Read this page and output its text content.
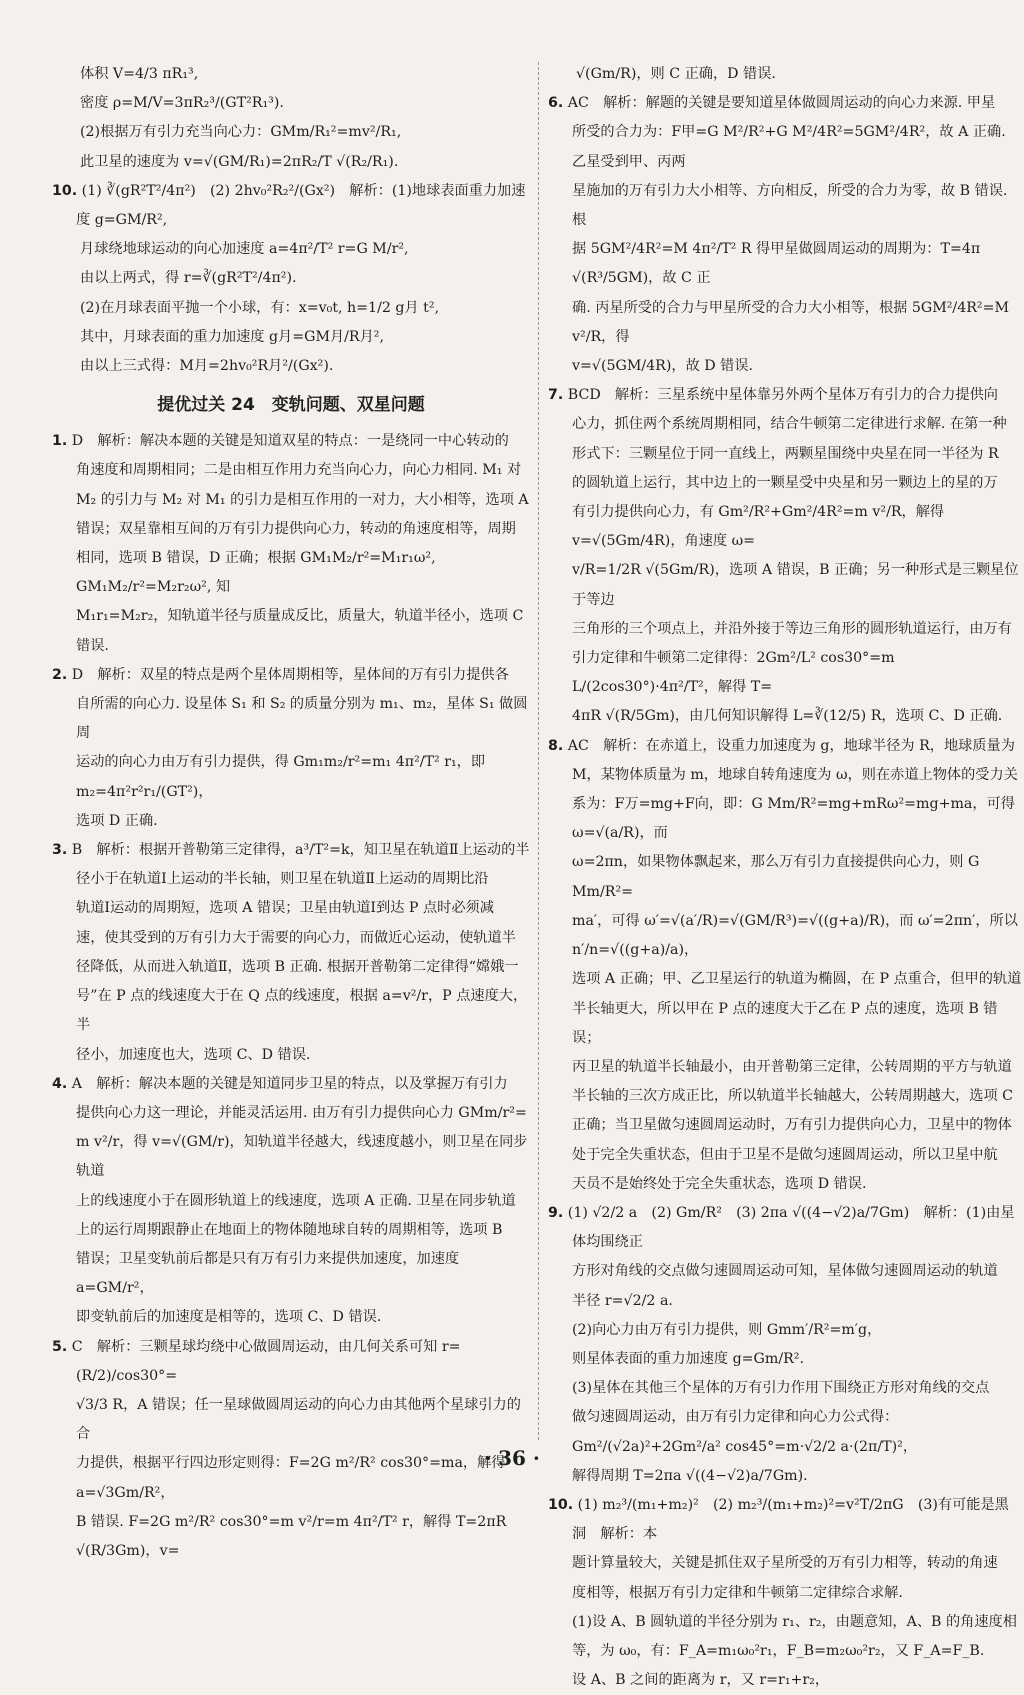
体积 V=4/3 πR₁³,

密度 ρ=M/V=3πR₂³/(GT²R₁³).

(2)根据万有引力充当向心力：GMm/R₁²=mv²/R₁,

此卫星的速度为 v=√(GM/R₁)=2πR₂/T √(R₂/R₁).

10. (1) ∛(gR²T²/4π²)　(2) 2hv₀²R₂²/(Gx²)　解析：(1)地球表面重力加速度 g=GM/R²,

月球绕地球运动的向心加速度 a=4π²/T² r=G M/r²,

由以上两式，得 r=∛(gR²T²/4π²).

(2)在月球表面平抛一个小球，有：x=v₀t, h=1/2 g月 t²,

其中，月球表面的重力加速度 g月=GM月/R月²,

由以上三式得：M月=2hv₀²R月²/(Gx²).

提优过关 24　变轨问题、双星问题
1. D　解析：解决本题的关键是知道双星的特点：一是绕同一中心转动的
角速度和周期相同；二是由相互作用力充当向心力，向心力相同. M₁ 对
M₂ 的引力与 M₂ 对 M₁ 的引力是相互作用的一对力，大小相等，选项 A
错误；双星靠相互间的万有引力提供向心力，转动的角速度相等，周期
相同，选项 B 错误，D 正确；根据 GM₁M₂/r²=M₁r₁ω², GM₁M₂/r²=M₂r₂ω², 知
M₁r₁=M₂r₂，知轨道半径与质量成反比，质量大，轨道半径小，选项 C
错误.
2. D　解析：双星的特点是两个星体周期相等，星体间的万有引力提供各
自所需的向心力. 设星体 S₁ 和 S₂ 的质量分别为 m₁、m₂，星体 S₁ 做圆周
运动的向心力由万有引力提供，得 Gm₁m₂/r²=m₁ 4π²/T² r₁，即 m₂=4π²r²r₁/(GT²)，
选项 D 正确.
3. B　解析：根据开普勒第三定律得，a³/T²=k，知卫星在轨道Ⅱ上运动的半
径小于在轨道Ⅰ上运动的半长轴，则卫星在轨道Ⅱ上运动的周期比沿
轨道Ⅰ运动的周期短，选项 A 错误；卫星由轨道Ⅰ到达 P 点时必须减
速，使其受到的万有引力大于需要的向心力，而做近心运动，使轨道半
径降低，从而进入轨道Ⅱ，选项 B 正确. 根据开普勒第二定律得“嫦娥一
号”在 P 点的线速度大于在 Q 点的线速度，根据 a=v²/r，P 点速度大，半
径小，加速度也大，选项 C、D 错误.
4. A　解析：解决本题的关键是知道同步卫星的特点，以及掌握万有引力
提供向心力这一理论，并能灵活运用. 由万有引力提供向心力 GMm/r²=
m v²/r，得 v=√(GM/r)，知轨道半径越大，线速度越小，则卫星在同步轨道
上的线速度小于在圆形轨道上的线速度，选项 A 正确. 卫星在同步轨道
上的运行周期跟静止在地面上的物体随地球自转的周期相等，选项 B
错误；卫星变轨前后都是只有万有引力来提供加速度，加速度 a=GM/r²，
即变轨前后的加速度是相等的，选项 C、D 错误.
5. C　解析：三颗星球均绕中心做圆周运动，由几何关系可知 r=(R/2)/cos30°=
√3/3 R，A 错误；任一星球做圆周运动的向心力由其他两个星球引力的合
力提供，根据平行四边形定则得：F=2G m²/R² cos30°=ma，解得 a=√3Gm/R²，
B 错误. F=2G m²/R² cos30°=m v²/r=m 4π²/T² r，解得 T=2πR √(R/3Gm)，v=

√(Gm/R)，则 C 正确，D 错误.

6. AC　解析：解题的关键是要知道星体做圆周运动的向心力来源. 甲星
所受的合力为：F甲=G M²/R²+G M²/4R²=5GM²/4R²，故 A 正确. 乙星受到甲、丙两
星施加的万有引力大小相等、方向相反，所受的合力为零，故 B 错误. 根
据 5GM²/4R²=M 4π²/T² R 得甲星做圆周运动的周期为：T=4π √(R³/5GM)，故 C 正
确. 丙星所受的合力与甲星所受的合力大小相等，根据 5GM²/4R²=M v²/R，得
v=√(5GM/4R)，故 D 错误.
7. BCD　解析：三星系统中星体靠另外两个星体万有引力的合力提供向
心力，抓住两个系统周期相同，结合牛顿第二定律进行求解. 在第一种
形式下：三颗星位于同一直线上，两颗星围绕中央星在同一半径为 R
的圆轨道上运行，其中边上的一颗星受中央星和另一颗边上的星的万
有引力提供向心力，有 Gm²/R²+Gm²/4R²=m v²/R，解得 v=√(5Gm/4R)，角速度 ω=
v/R=1/2R √(5Gm/R)，选项 A 错误，B 正确；另一种形式是三颗星位于等边
三角形的三个项点上，并沿外接于等边三角形的圆形轨道运行，由万有
引力定律和牛顿第二定律得：2Gm²/L² cos30°=m L/(2cos30°)·4π²/T²，解得 T=
4πR √(R/5Gm)，由几何知识解得 L=∛(12/5) R，选项 C、D 正确.
8. AC　解析：在赤道上，设重力加速度为 g，地球半径为 R，地球质量为
M，某物体质量为 m，地球自转角速度为 ω，则在赤道上物体的受力关
系为：F万=mg+F向，即：G Mm/R²=mg+mRω²=mg+ma，可得 ω=√(a/R)，而
ω=2πn，如果物体飘起来，那么万有引力直接提供向心力，则 G Mm/R²=
ma′，可得 ω′=√(a′/R)=√(GM/R³)=√((g+a)/R)，而 ω′=2πn′，所以 n′/n=√((g+a)/a)，
选项 A 正确；甲、乙卫星运行的轨道为椭圆，在 P 点重合，但甲的轨道
半长轴更大，所以甲在 P 点的速度大于乙在 P 点的速度，选项 B 错误；
丙卫星的轨道半长轴最小，由开普勒第三定律，公转周期的平方与轨道
半长轴的三次方成正比，所以轨道半长轴越大，公转周期越大，选项 C
正确；当卫星做匀速圆周运动时，万有引力提供向心力，卫星中的物体
处于完全失重状态，但由于卫星不是做匀速圆周运动，所以卫星中航
天员不是始终处于完全失重状态，选项 D 错误.
9. (1) √2/2 a　(2) Gm/R²　(3) 2πa √((4−√2)a/7Gm)　解析：(1)由星体均围绕正
方形对角线的交点做匀速圆周运动可知，星体做匀速圆周运动的轨道
半径 r=√2/2 a.
(2)向心力由万有引力提供，则 Gmm′/R²=m′g，
则星体表面的重力加速度 g=Gm/R².
(3)星体在其他三个星体的万有引力作用下围绕正方形对角线的交点
做匀速圆周运动，由万有引力定律和向心力公式得：
Gm²/(√2a)²+2Gm²/a² cos45°=m·√2/2 a·(2π/T)²，
解得周期 T=2πa √((4−√2)a/7Gm).
10. (1) m₂³/(m₁+m₂)²　(2) m₂³/(m₁+m₂)²=v²T/2πG　(3)有可能是黑洞　解析：本
题计算量较大，关键是抓住双子星所受的万有引力相等，转动的角速
度相等，根据万有引力定律和牛顿第二定律综合求解.
(1)设 A、B 圆轨道的半径分别为 r₁、r₂，由题意知，A、B 的角速度相
等，为 ω₀，有：F_A=m₁ω₀²r₁，F_B=m₂ω₀²r₂，又 F_A=F_B.
设 A、B 之间的距离为 r，又 r=r₁+r₂，
· 36 ·
